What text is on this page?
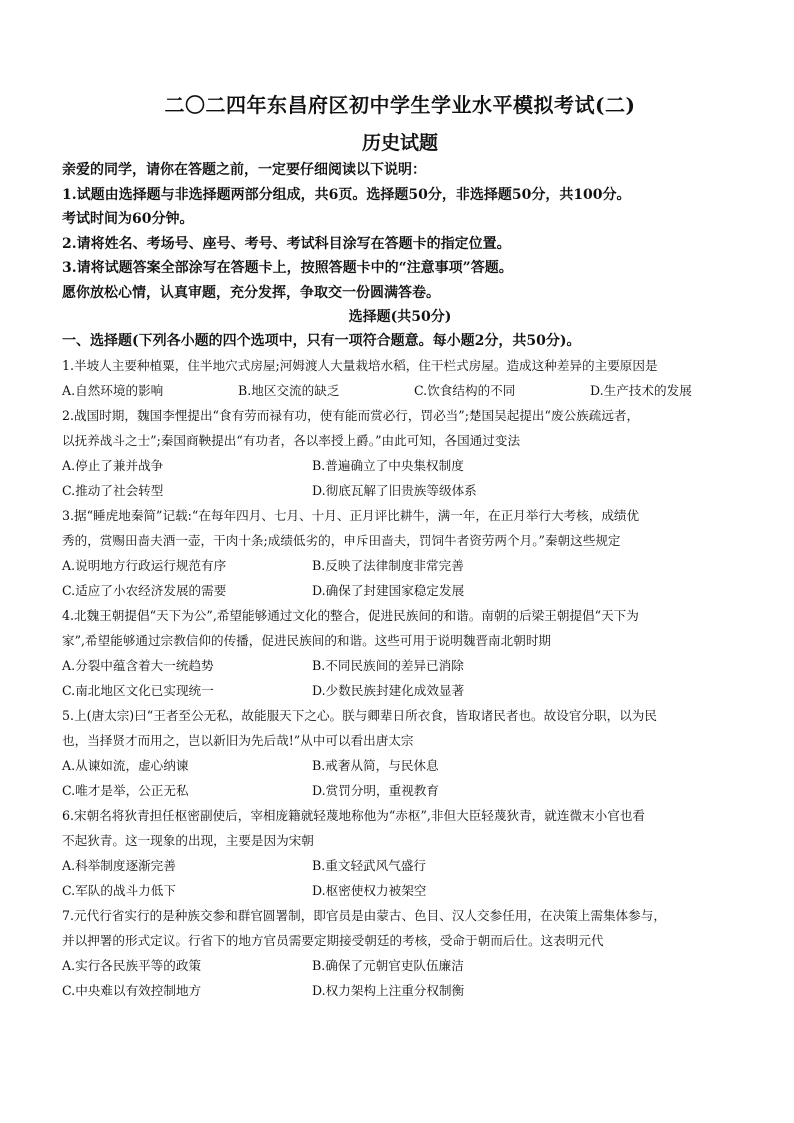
二〇二四年东昌府区初中学生学业水平模拟考试(二)
历史试题
亲爱的同学，请你在答题之前，一定要仔细阅读以下说明：
1.试题由选择题与非选择题两部分组成，共6页。选择题50分，非选择题50分，共100分。
考试时间为60分钟。
2.请将姓名、考场号、座号、考号、考试科目涂写在答题卡的指定位置。
3.请将试题答案全部涂写在答题卡上，按照答题卡中的“注意事项”答题。
愿你放松心情，认真审题，充分发挥，争取交一份圆满答卷。
选择题(共50分)
一、选择题(下列各小题的四个选项中，只有一项符合题意。每小题2分，共50分)。
1.半坡人主要种植粟，住半地穴式房屋;河姆渡人大量栽培水稻，住干栏式房屋。造成这种差异的主要原因是
A.自然环境的影响	B.地区交流的缺乏	C.饮食结构的不同	D.生产技术的发展
2.战国时期，魏国李悝提出“食有劳而禄有功，使有能而赏必行，罚必当”;楚国吴起提出“废公族疏远者，
以抚养战斗之士”;秦国商鞅提出“有功者，各以率授上爵。”由此可知，各国通过变法
A.停止了兼并战争	B.普遍确立了中央集权制度
C.推动了社会转型	D.彻底瓦解了旧贵族等级体系
3.据“睡虎地秦简”记载:“在每年四月、七月、十月、正月评比耕牛，满一年，在正月举行大考核，成绩优
秀的，赏赐田啬夫酒一壶，干肉十条;成绩低劣的，申斥田啬夫，罚饲牛者资劳两个月。”秦朝这些规定
A.说明地方行政运行规范有序	B.反映了法律制度非常完善
C.适应了小农经济发展的需要	D.确保了封建国家稳定发展
4.北魏王朝提倡“天下为公”,希望能够通过文化的整合，促进民族间的和谐。南朝的后梁王朝提倡“天下为
家”,希望能够通过宗教信仰的传播，促进民族间的和谐。这些可用于说明魏晋南北朝时期
A.分裂中蕴含着大一统趋势	B.不同民族间的差异已消除
C.南北地区文化已实现统一	D.少数民族封建化成效显著
5.上(唐太宗)曰“王者至公无私，故能服天下之心。朕与卿辈日所衣食，皆取诸民者也。故设官分职，以为民
也，当择贤才而用之，岂以新旧为先后哉!”从中可以看出唐太宗
A.从谏如流，虚心纳谏	B.戒奢从简，与民休息
C.唯才是举，公正无私	D.赏罚分明，重视教育
6.宋朝名将狄青担任枢密副使后，宰相庞籍就轻蔑地称他为“赤枢”,非但大臣轻蔑狄青，就连微末小官也看
不起狄青。这一现象的出现，主要是因为宋朝
A.科举制度逐渐完善	B.重文轻武风气盛行
C.军队的战斗力低下	D.枢密使权力被架空
7.元代行省实行的是种族交参和群官圆署制，即官员是由蒙古、色目、汉人交参任用，在决策上需集体参与，
并以押署的形式定议。行省下的地方官员需要定期接受朝廷的考核，受命于朝而后仕。这表明元代
A.实行各民族平等的政策	B.确保了元朝官吏队伍廉洁
C.中央难以有效控制地方	D.权力架构上注重分权制衡
